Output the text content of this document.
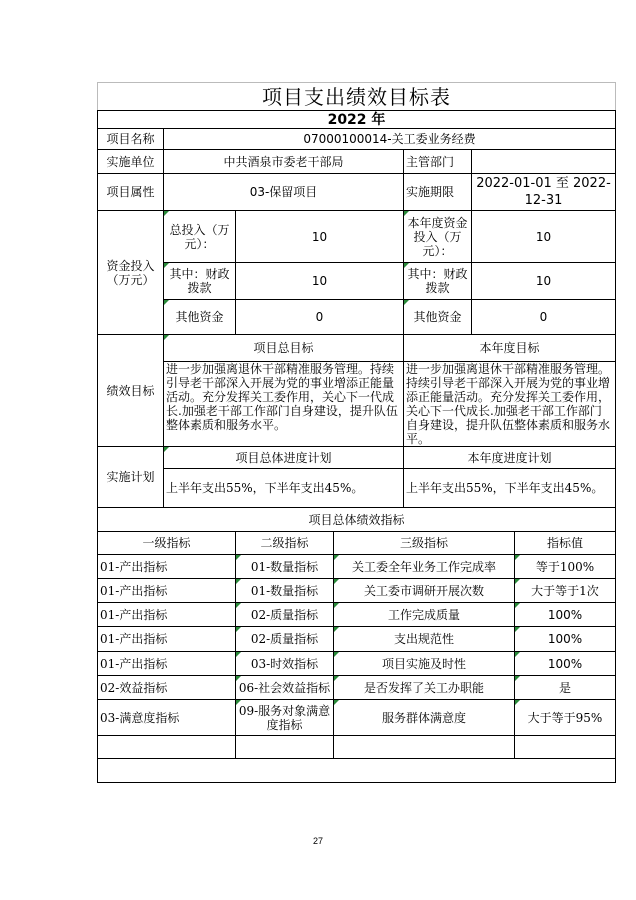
项目支出绩效目标表						
2022 年						
项目名称	07000100014-关工委业务经费					
实施单位	中共酒泉市委老干部局			主管部门		
项目属性	03-保留项目			实施期限	2022-01-01 至 2022-12-31	
资金投入（万元）	总投入（万元）：	10		本年度资金投入（万元）：	10	
	其中：财政拨款	10		其中：财政拨款	10	
	其他资金	0		其他资金	0	
绩效目标	项目总目标			本年度目标		
	进一步加强离退休干部精准服务管理。持续引导老干部深入开展为党的事业增添正能量活动。充分发挥关工委作用，关心下一代成长.加强老干部工作部门自身建设，提升队伍整体素质和服务水平。			进一步加强离退休干部精准服务管理。持续引导老干部深入开展为党的事业增添正能量活动。充分发挥关工委作用，关心下一代成长.加强老干部工作部门自身建设，提升队伍整体素质和服务水平。		
实施计划	项目总体进度计划			本年度进度计划		
	上半年支出55%，下半年支出45%。			上半年支出55%，下半年支出45%。		
项目总体绩效指标						
一级指标		二级指标	三级指标			指标值
01-产出指标		01-数量指标	关工委全年业务工作完成率			等于100%
01-产出指标		01-数量指标	关工委市调研开展次数			大于等于1次
01-产出指标		02-质量指标	工作完成质量			100%
01-产出指标		02-质量指标	支出规范性			100%
01-产出指标		03-时效指标	项目实施及时性			100%
02-效益指标		06-社会效益指标	是否发挥了关工办职能			是
03-满意度指标		09-服务对象满意度指标	服务群体满意度			大于等于95%

27
